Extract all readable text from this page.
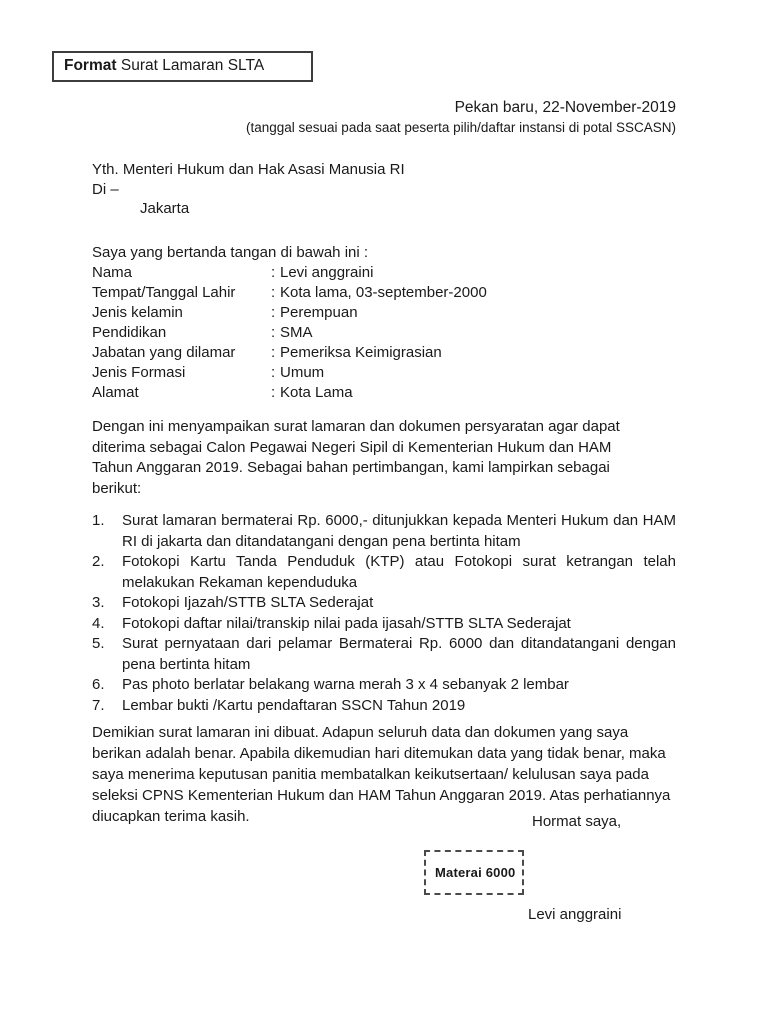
Format Surat Lamaran SLTA
Pekan baru, 22-November-2019
(tanggal sesuai pada saat peserta pilih/daftar instansi di potal SSCASN)
Yth. Menteri Hukum dan Hak Asasi Manusia RI
Di –
Jakarta
Saya yang bertanda tangan di bawah ini :
Nama	: Levi anggraini
Tempat/Tanggal Lahir : Kota lama, 03-september-2000
Jenis kelamin	: Perempuan
Pendidikan	: SMA
Jabatan yang dilamar : Pemeriksa Keimigrasian
Jenis Formasi	: Umum
Alamat	: Kota Lama
Dengan ini menyampaikan surat lamaran dan dokumen persyaratan agar dapat diterima sebagai Calon Pegawai Negeri Sipil di Kementerian Hukum dan HAM Tahun Anggaran 2019. Sebagai bahan pertimbangan, kami lampirkan sebagai berikut:
1.	Surat lamaran bermaterai Rp. 6000,- ditunjukkan kepada Menteri Hukum dan HAM RI di jakarta dan ditandatangani dengan pena bertinta hitam
2.	Fotokopi Kartu Tanda Penduduk (KTP) atau Fotokopi surat ketrangan telah melakukan Rekaman kependuduka
3.	Fotokopi Ijazah/STTB SLTA Sederajat
4.	Fotokopi daftar nilai/transkip nilai pada ijasah/STTB SLTA Sederajat
5.	Surat pernyataan dari pelamar Bermaterai Rp. 6000 dan ditandatangani dengan pena bertinta hitam
6.	Pas photo berlatar belakang warna merah 3 x 4 sebanyak 2 lembar
7.	Lembar bukti /Kartu pendaftaran SSCN Tahun 2019
Demikian surat lamaran ini dibuat. Adapun seluruh data dan dokumen yang saya berikan adalah benar. Apabila dikemudian hari ditemukan data yang tidak benar, maka saya menerima keputusan panitia membatalkan keikutsertaan/ kelulusan saya pada seleksi CPNS Kementerian Hukum dan HAM Tahun Anggaran 2019. Atas perhatiannya diucapkan terima kasih.	Hormat saya,
Materai 6000
Levi anggraini
